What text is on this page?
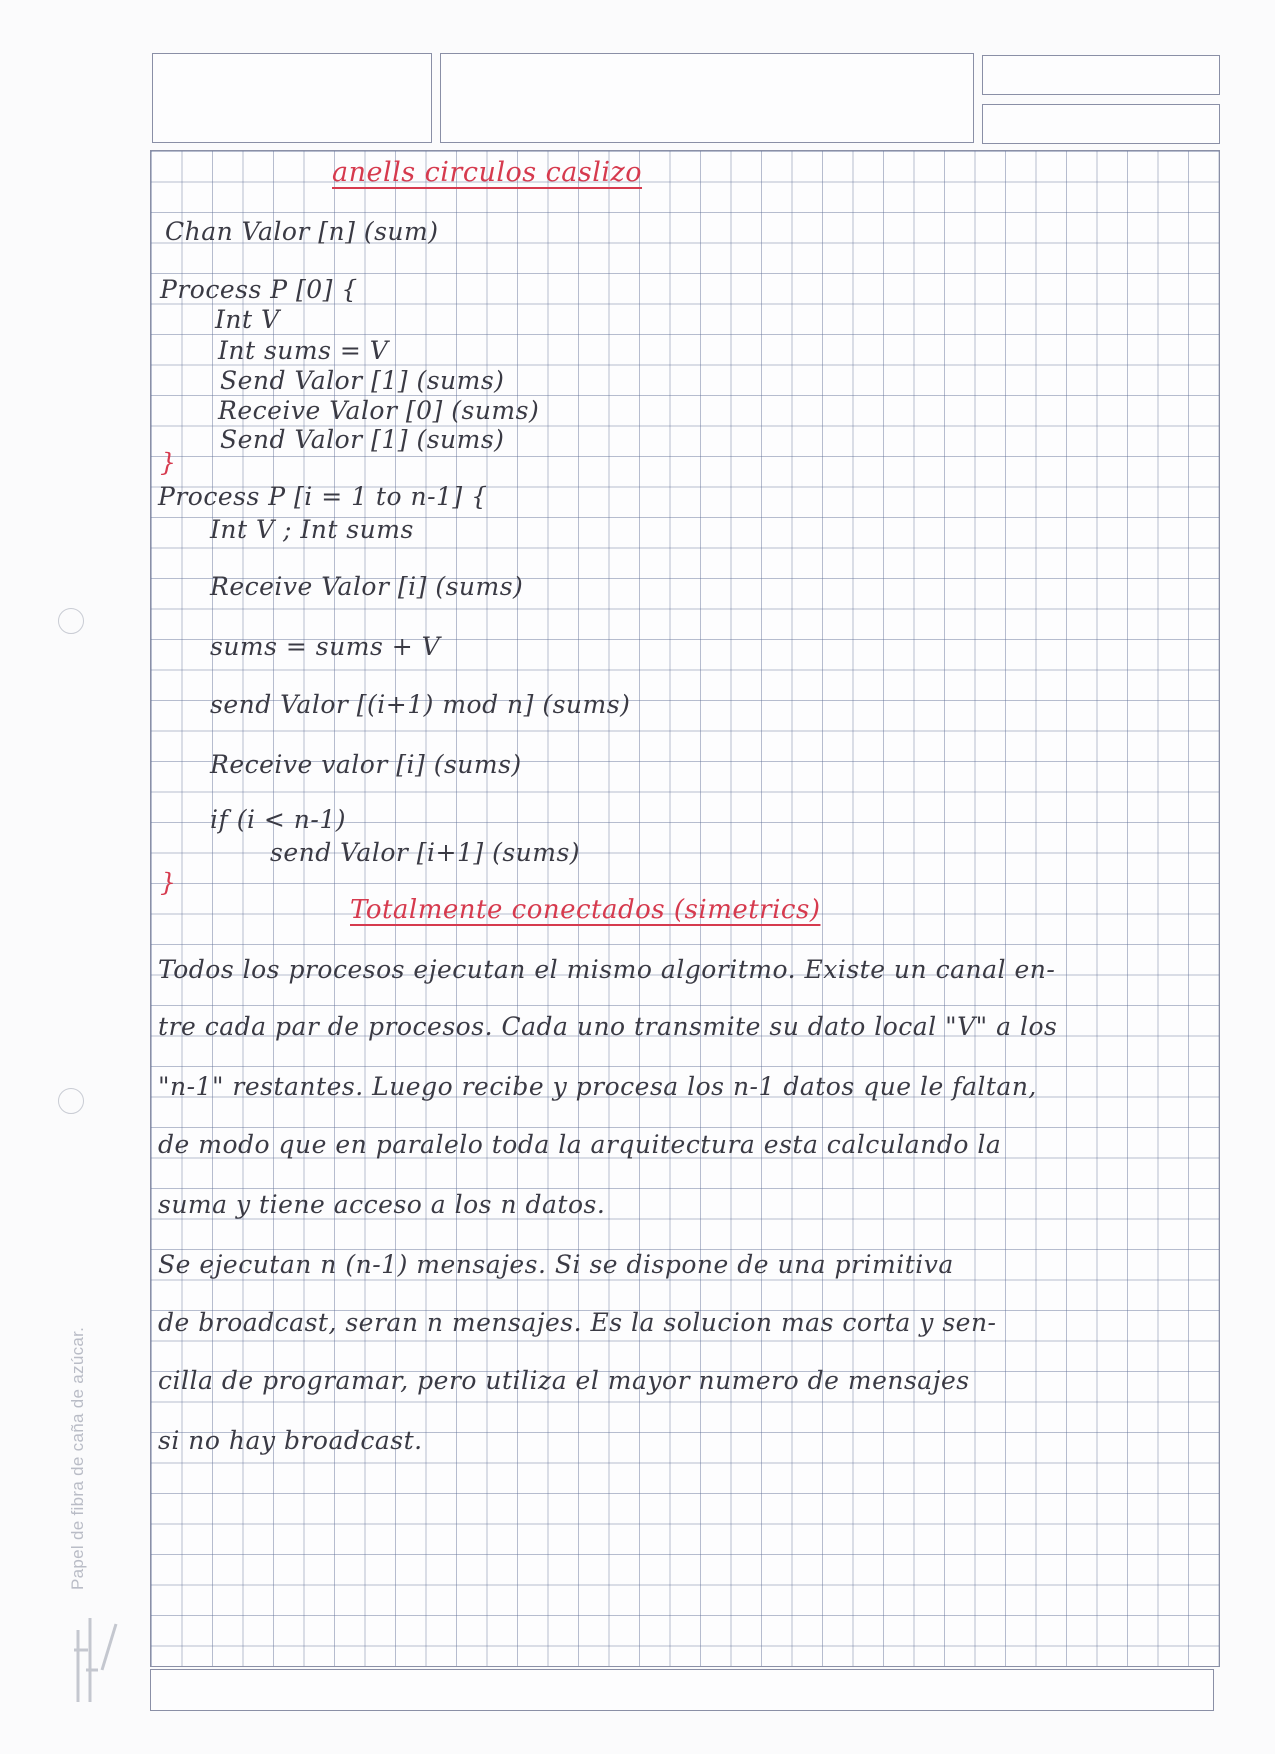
Papel de fibra de caña de azúcar.
anells circulos caslizo
Chan Valor [n] (sum)
Process P [0] {
Int V
Int sums = V
Send Valor [1] (sums)
Receive Valor [0] (sums)
Send Valor [1] (sums)
}
Process P [i = 1 to n-1] {
Int V ; Int sums
Receive Valor [i] (sums)
sums = sums + V
send Valor [(i+1) mod n] (sums)
Receive valor [i] (sums)
if (i < n-1)
send Valor [i+1] (sums)
}
Totalmente conectados (simetrics)
Todos los procesos ejecutan el mismo algoritmo. Existe un canal en-
tre cada par de procesos. Cada uno transmite su dato local "V" a los
"n-1" restantes. Luego recibe y procesa los n-1 datos que le faltan,
de modo que en paralelo toda la arquitectura esta calculando la
suma y tiene acceso a los n datos.
Se ejecutan n (n-1) mensajes. Si se dispone de una primitiva
de broadcast, seran n mensajes. Es la solucion mas corta y sen-
cilla de programar, pero utiliza el mayor numero de mensajes
si no hay broadcast.
